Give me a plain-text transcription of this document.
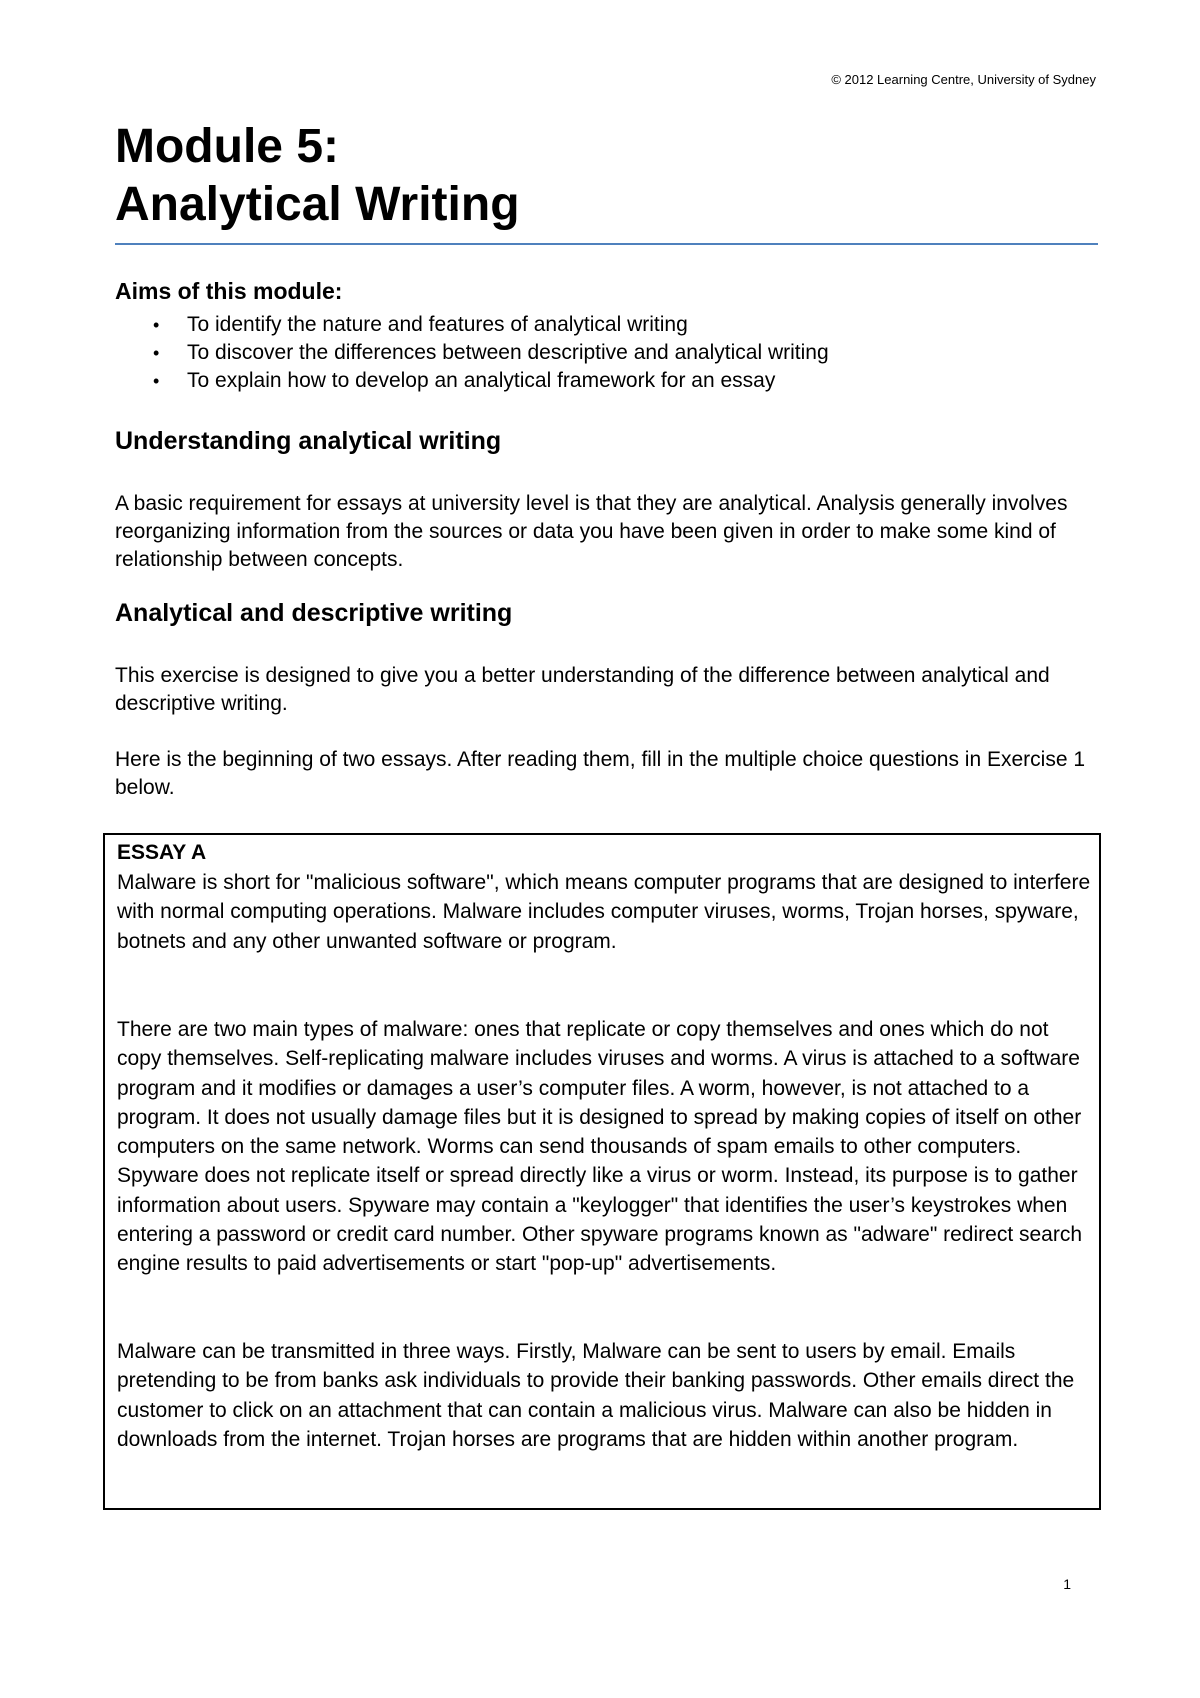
© 2012 Learning Centre, University of Sydney
Module 5:
Analytical Writing
Aims of this module:
• To identify the nature and features of analytical writing
• To discover the differences between descriptive and analytical writing
• To explain how to develop an analytical framework for an essay
Understanding analytical writing

A basic requirement for essays at university level is that they are analytical. Analysis generally involves reorganizing information from the sources or data you have been given in order to make some kind of relationship between concepts.

Analytical and descriptive writing

This exercise is designed to give you a better understanding of the difference between analytical and descriptive writing.

Here is the beginning of two essays. After reading them, fill in the multiple choice questions in Exercise 1 below.

ESSAY A

Malware is short for "malicious software", which means computer programs that are designed to interfere with normal computing operations. Malware includes computer viruses, worms, Trojan horses, spyware, botnets and any other unwanted software or program.

There are two main types of malware: ones that replicate or copy themselves and ones which do not copy themselves. Self-replicating malware includes viruses and worms. A virus is attached to a software program and it modifies or damages a user’s computer files. A worm, however, is not attached to a program. It does not usually damage files but it is designed to spread by making copies of itself on other computers on the same network. Worms can send thousands of spam emails to other computers. Spyware does not replicate itself or spread directly like a virus or worm. Instead, its purpose is to gather information about users. Spyware may contain a "keylogger" that identifies the user’s keystrokes when entering a password or credit card number. Other spyware programs known as "adware" redirect search engine results to paid advertisements or start "pop-up" advertisements.

Malware can be transmitted in three ways. Firstly, Malware can be sent to users by email. Emails pretending to be from banks ask individuals to provide their banking passwords. Other emails direct the customer to click on an attachment that can contain a malicious virus. Malware can also be hidden in downloads from the internet. Trojan horses are programs that are hidden within another program.

1
